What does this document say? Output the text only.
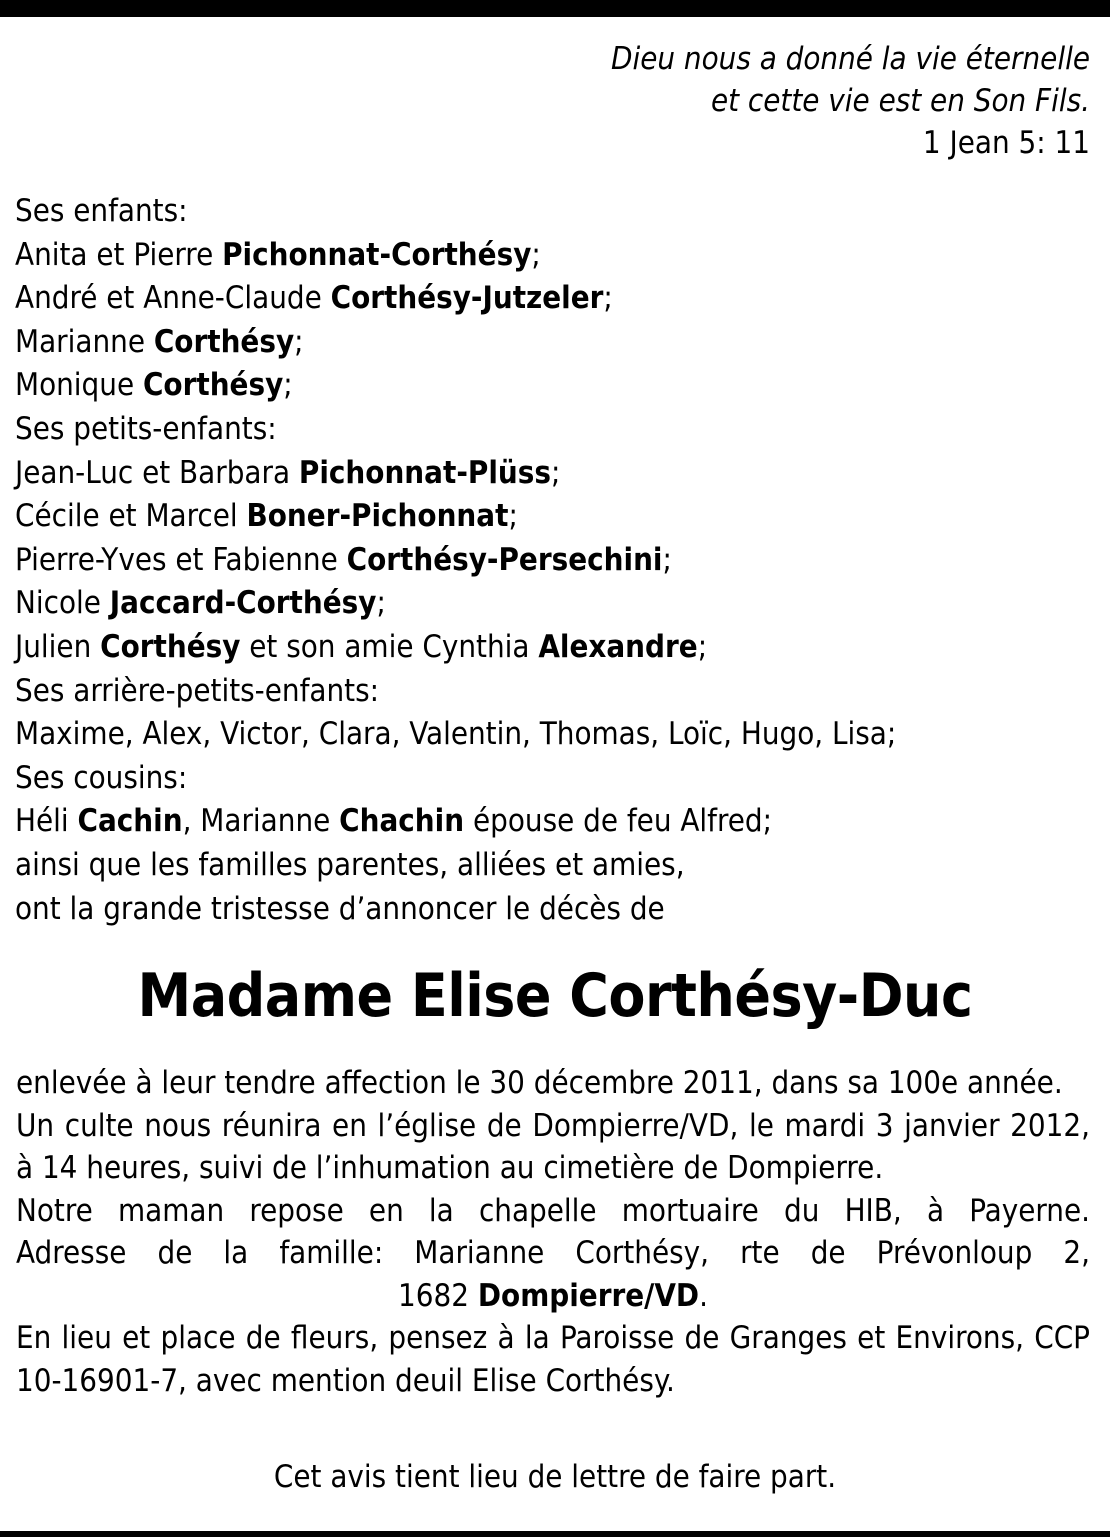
Dieu nous a donné la vie éternelle
et cette vie est en Son Fils.
1 Jean 5: 11
Ses enfants:
Anita et Pierre Pichonnat-Corthésy;
André et Anne-Claude Corthésy-Jutzeler;
Marianne Corthésy;
Monique Corthésy;
Ses petits-enfants:
Jean-Luc et Barbara Pichonnat-Plüss;
Cécile et Marcel Boner-Pichonnat;
Pierre-Yves et Fabienne Corthésy-Persechini;
Nicole Jaccard-Corthésy;
Julien Corthésy et son amie Cynthia Alexandre;
Ses arrière-petits-enfants:
Maxime, Alex, Victor, Clara, Valentin, Thomas, Loïc, Hugo, Lisa;
Ses cousins:
Héli Cachin, Marianne Chachin épouse de feu Alfred;
ainsi que les familles parentes, alliées et amies,
ont la grande tristesse d’annoncer le décès de
Madame Elise Corthésy-Duc
enlevée à leur tendre affection le 30 décembre 2011, dans sa 100e année.
Un culte nous réunira en l’église de Dompierre/VD, le mardi 3 janvier 2012, à 14 heures, suivi de l’inhumation au cimetière de Dompierre.
Notre maman repose en la chapelle mortuaire du HIB, à Payerne.
Adresse de la famille: Marianne Corthésy, rte de Prévonloup 2,
1682 Dompierre/VD.
En lieu et place de fleurs, pensez à la Paroisse de Granges et Environs, CCP 10-16901-7, avec mention deuil Elise Corthésy.
Cet avis tient lieu de lettre de faire part.
